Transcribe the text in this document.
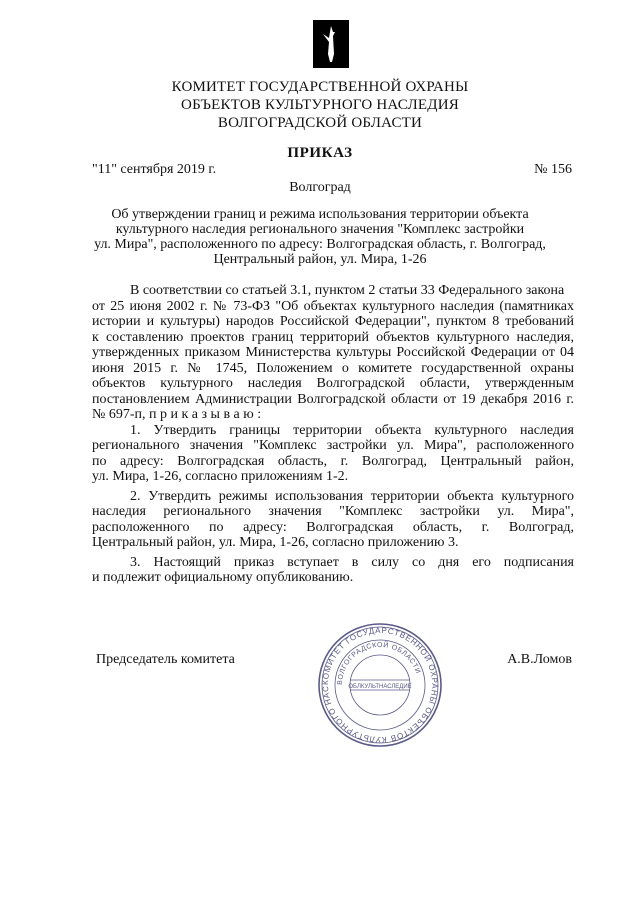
КОМИТЕТ ГОСУДАРСТВЕННОЙ ОХРАНЫ
ОБЪЕКТОВ КУЛЬТУРНОГО НАСЛЕДИЯ
ВОЛГОГРАДСКОЙ ОБЛАСТИ
ПРИКАЗ
"11" сентября 2019 г.	№ 156
Волгоград
Об утверждении границ и режима использования территории объекта
культурного наследия регионального значения "Комплекс застройки
ул. Мира", расположенного по адресу: Волгоградская область, г. Волгоград,
Центральный район, ул. Мира, 1-26
В соответствии со статьей 3.1, пунктом 2 статьи 33 Федерального закона
от 25 июня 2002 г. № 73-ФЗ "Об объектах культурного наследия (памятниках
истории и культуры) народов Российской Федерации", пунктом 8 требований
к составлению проектов границ территорий объектов культурного наследия,
утвержденных приказом Министерства культуры Российской Федерации от 04
июня 2015 г. № 1745, Положением о комитете государственной охраны
объектов культурного наследия Волгоградской области, утвержденным
постановлением Администрации Волгоградской области от 19 декабря 2016 г.
№ 697-п, п р и к а з ы в а ю :
1. Утвердить границы территории объекта культурного наследия
регионального значения "Комплекс застройки ул. Мира", расположенного
по адресу: Волгоградская область, г. Волгоград, Центральный район,
ул. Мира, 1-26, согласно приложениям 1-2.
2. Утвердить режимы использования территории объекта культурного
наследия регионального значения "Комплекс застройки ул. Мира",
расположенного по адресу: Волгоградская область, г. Волгоград,
Центральный район, ул. Мира, 1-26, согласно приложению 3.
3. Настоящий приказ вступает в силу со дня его подписания
и подлежит официальному опубликованию.
Председатель комитета	А.В.Ломов
КОМИТЕТ ГОСУДАРСТВЕННОЙ ОХРАНЫ ОБЪЕКТОВ КУЛЬТУРНОГО НАС
ВОЛГОГРАДСКОЙ ОБЛАСТИ
ОБЛКУЛЬТНАСЛЕДИЕ
